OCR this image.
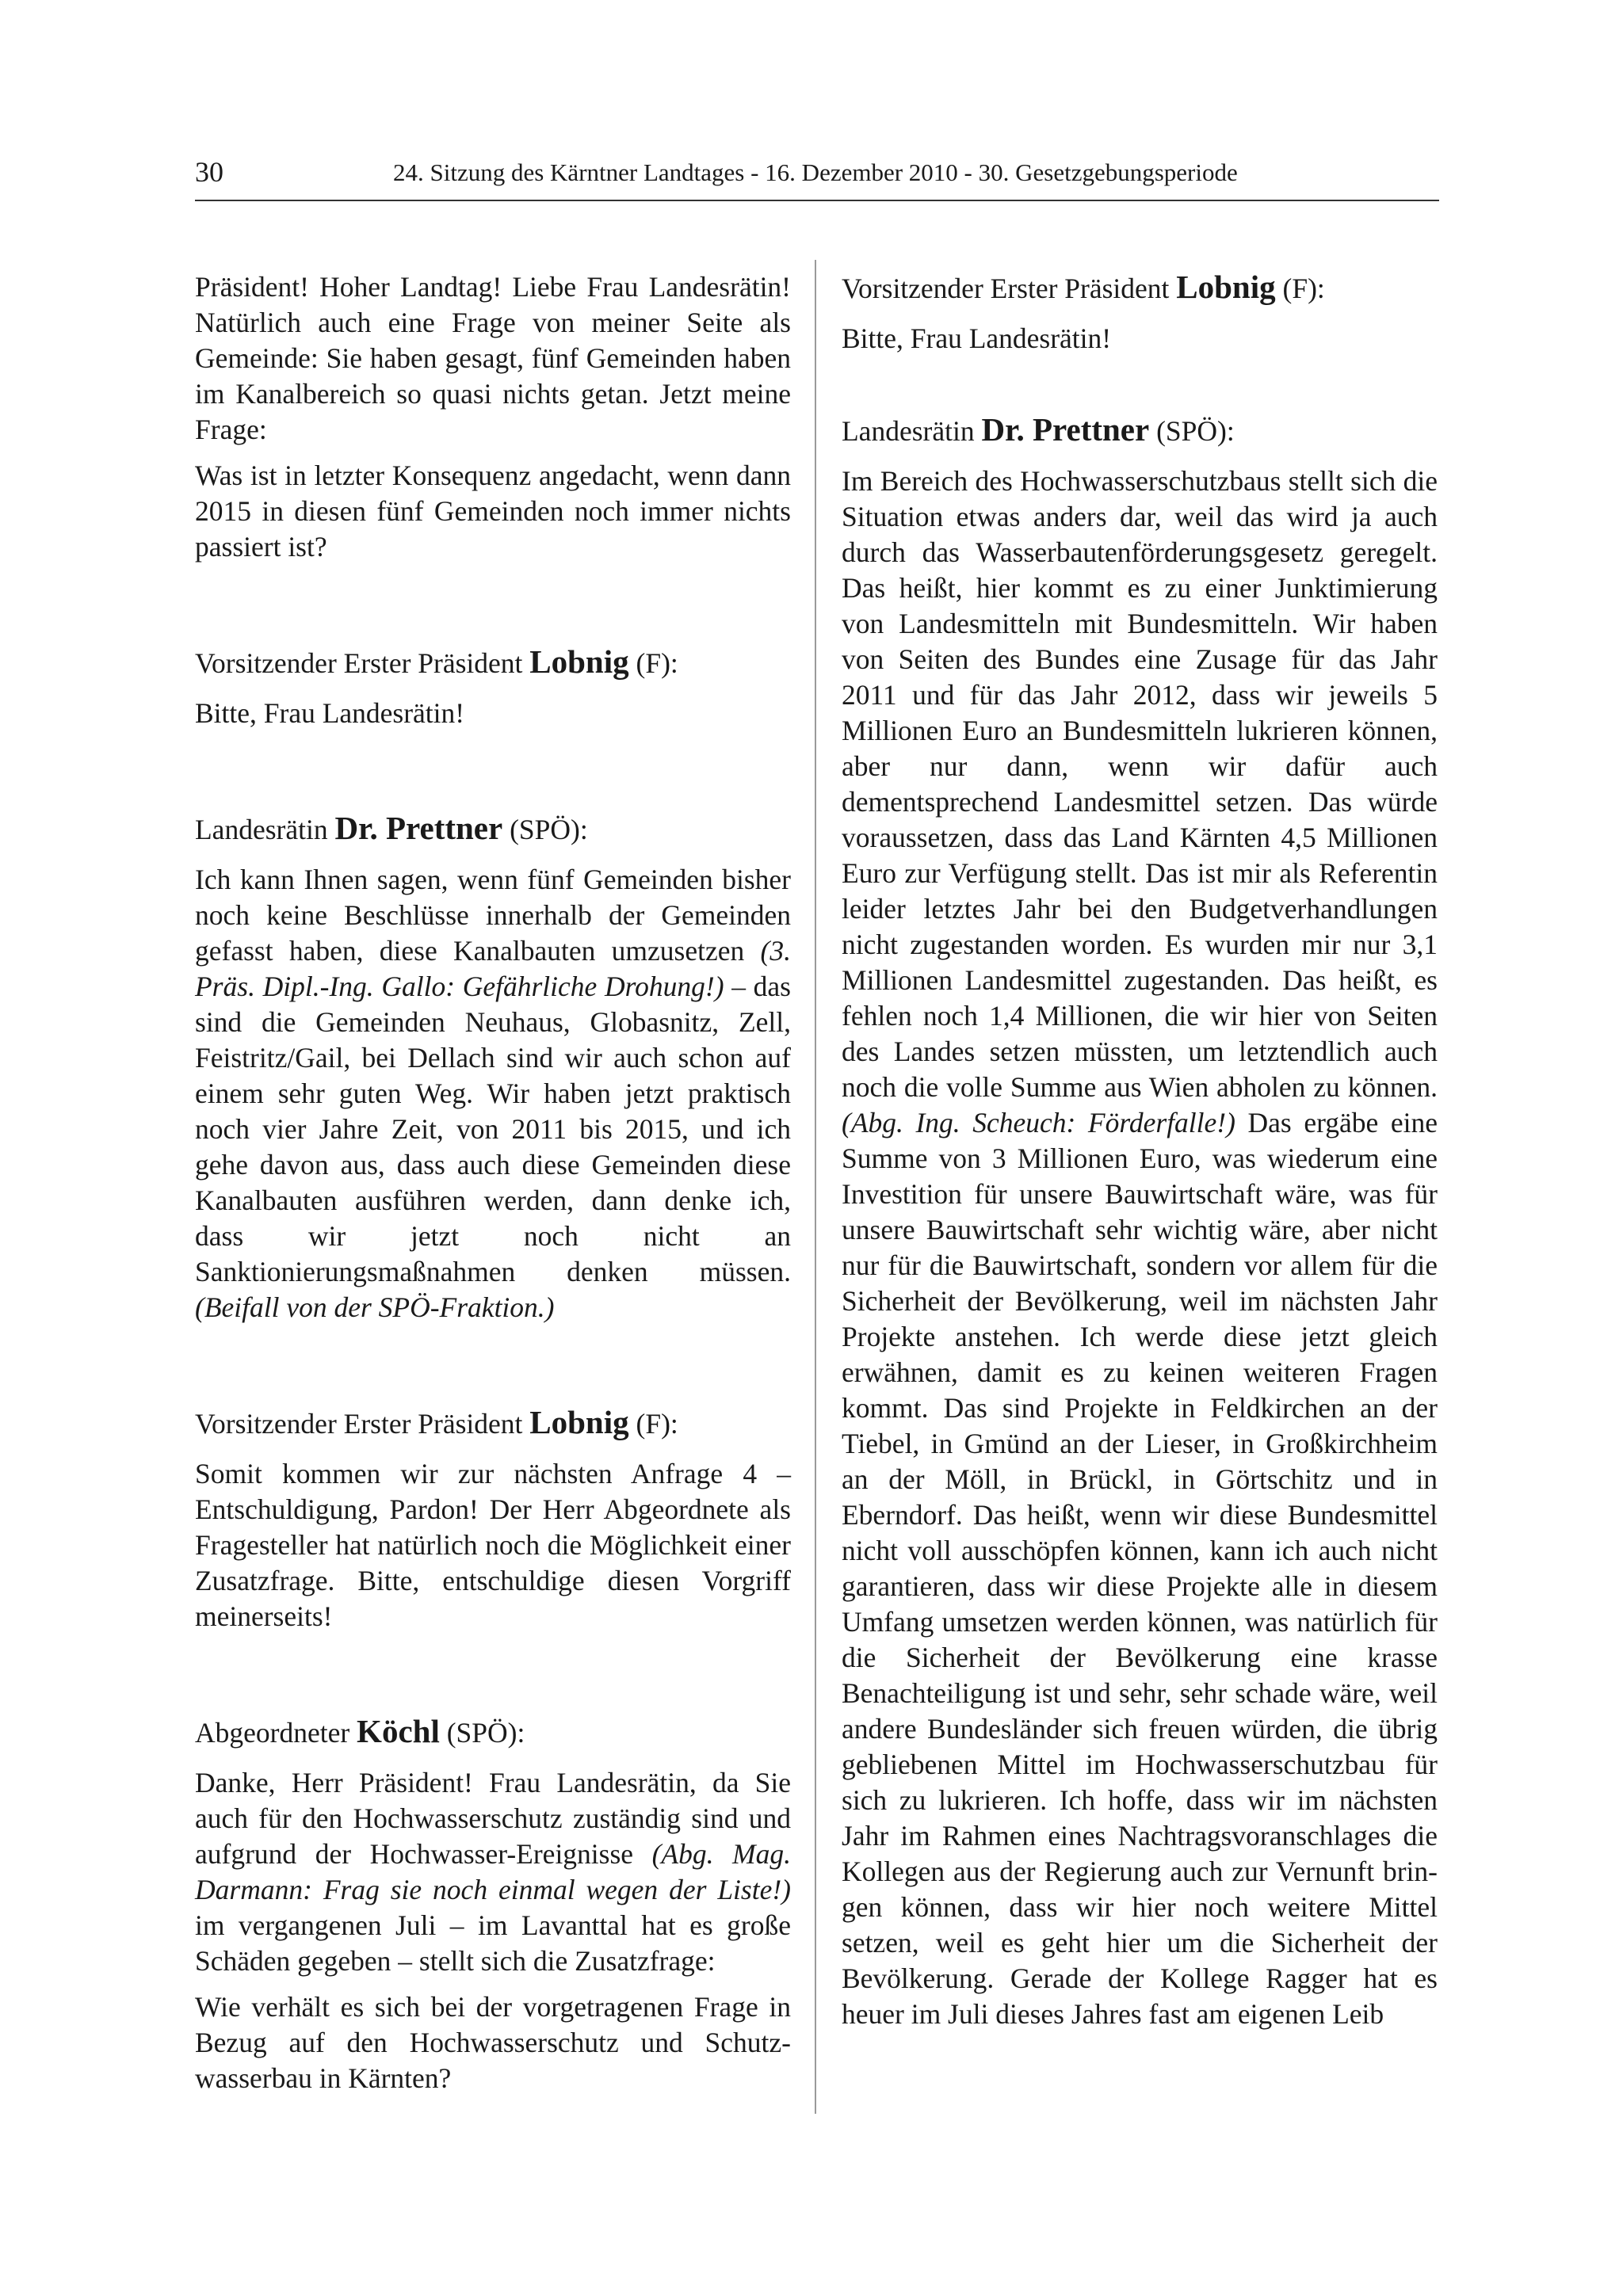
30	24. Sitzung des Kärntner Landtages - 16. Dezember 2010 - 30. Gesetzgebungsperiode

Präsident! Hoher Landtag! Liebe Frau Landesrätin! Natürlich auch eine Frage von meiner Seite als Gemeinde: Sie haben gesagt, fünf Gemeinden haben im Kanalbereich so quasi nichts getan. Jetzt meine Frage:

Was ist in letzter Konsequenz angedacht, wenn dann 2015 in diesen fünf Gemeinden noch immer nichts passiert ist?

Vorsitzender Erster Präsident Lobnig (F):

Bitte, Frau Landesrätin!

Landesrätin Dr. Prettner (SPÖ):

Ich kann Ihnen sagen, wenn fünf Gemeinden bisher noch keine Beschlüsse innerhalb der Gemeinden gefasst haben, diese Kanalbauten umzusetzen (3. Präs. Dipl.-Ing. Gallo: Gefährliche Drohung!) – das sind die Gemeinden Neuhaus, Globasnitz, Zell, Feistritz/Gail, bei Dellach sind wir auch schon auf einem sehr guten Weg. Wir haben jetzt praktisch noch vier Jahre Zeit, von 2011 bis 2015, und ich gehe davon aus, dass auch diese Gemeinden diese Kanalbauten ausführen werden, dann denke ich, dass wir jetzt noch nicht an Sanktionierungsmaßnahmen denken müssen. (Beifall von der SPÖ-Fraktion.)

Vorsitzender Erster Präsident Lobnig (F):

Somit kommen wir zur nächsten Anfrage 4 – Entschuldigung, Pardon! Der Herr Abgeordnete als Fragesteller hat natürlich noch die Möglichkeit einer Zusatzfrage. Bitte, entschuldige diesen Vorgriff meinerseits!

Abgeordneter Köchl (SPÖ):

Danke, Herr Präsident! Frau Landesrätin, da Sie auch für den Hochwasserschutz zuständig sind und aufgrund der Hochwasser-Ereignisse (Abg. Mag. Darmann: Frag sie noch einmal wegen der Liste!) im vergangenen Juli – im Lavanttal hat es große Schäden gegeben – stellt sich die Zusatzfrage:

Wie verhält es sich bei der vorgetragenen Frage in Bezug auf den Hochwasserschutz und Schutzwasserbau in Kärnten?

Vorsitzender Erster Präsident Lobnig (F):

Bitte, Frau Landesrätin!

Landesrätin Dr. Prettner (SPÖ):

Im Bereich des Hochwasserschutzbaus stellt sich die Situation etwas anders dar, weil das wird ja auch durch das Wasserbautenförderungsgesetz geregelt. Das heißt, hier kommt es zu einer Junktimierung von Landesmitteln mit Bundesmitteln. Wir haben von Seiten des Bundes eine Zusage für das Jahr 2011 und für das Jahr 2012, dass wir jeweils 5 Millionen Euro an Bundesmitteln lukrieren können, aber nur dann, wenn wir dafür auch dementsprechend Landesmittel setzen. Das würde voraussetzen, dass das Land Kärnten 4,5 Millionen Euro zur Verfügung stellt. Das ist mir als Referentin leider letztes Jahr bei den Budgetverhandlungen nicht zugestanden worden. Es wurden mir nur 3,1 Millionen Landesmittel zugestanden. Das heißt, es fehlen noch 1,4 Millionen, die wir hier von Seiten des Landes setzen müssten, um letztendlich auch noch die volle Summe aus Wien abholen zu können. (Abg. Ing. Scheuch: Förderfalle!) Das ergäbe eine Summe von 3 Millionen Euro, was wiederum eine Investition für unsere Bauwirtschaft wäre, was für unsere Bauwirtschaft sehr wichtig wäre, aber nicht nur für die Bauwirtschaft, sondern vor allem für die Sicherheit der Bevölkerung, weil im nächsten Jahr Projekte anstehen. Ich werde diese jetzt gleich erwähnen, damit es zu keinen weiteren Fragen kommt. Das sind Projekte in Feldkirchen an der Tiebel, in Gmünd an der Lieser, in Großkirchheim an der Möll, in Brückl, in Görtschitz und in Eberndorf. Das heißt, wenn wir diese Bundesmittel nicht voll ausschöpfen können, kann ich auch nicht garantieren, dass wir diese Projekte alle in diesem Umfang umsetzen werden können, was natürlich für die Sicherheit der Bevölkerung eine krasse Benachteiligung ist und sehr, sehr schade wäre, weil andere Bundesländer sich freuen würden, die übrig gebliebenen Mittel im Hochwasserschutzbau für sich zu lukrieren. Ich hoffe, dass wir im nächsten Jahr im Rahmen eines Nachtragsvoranschlages die Kollegen aus der Regierung auch zur Vernunft bringen können, dass wir hier noch weitere Mittel setzen, weil es geht hier um die Sicherheit der Bevölkerung. Gerade der Kollege Ragger hat es heuer im Juli dieses Jahres fast am eigenen Leib
